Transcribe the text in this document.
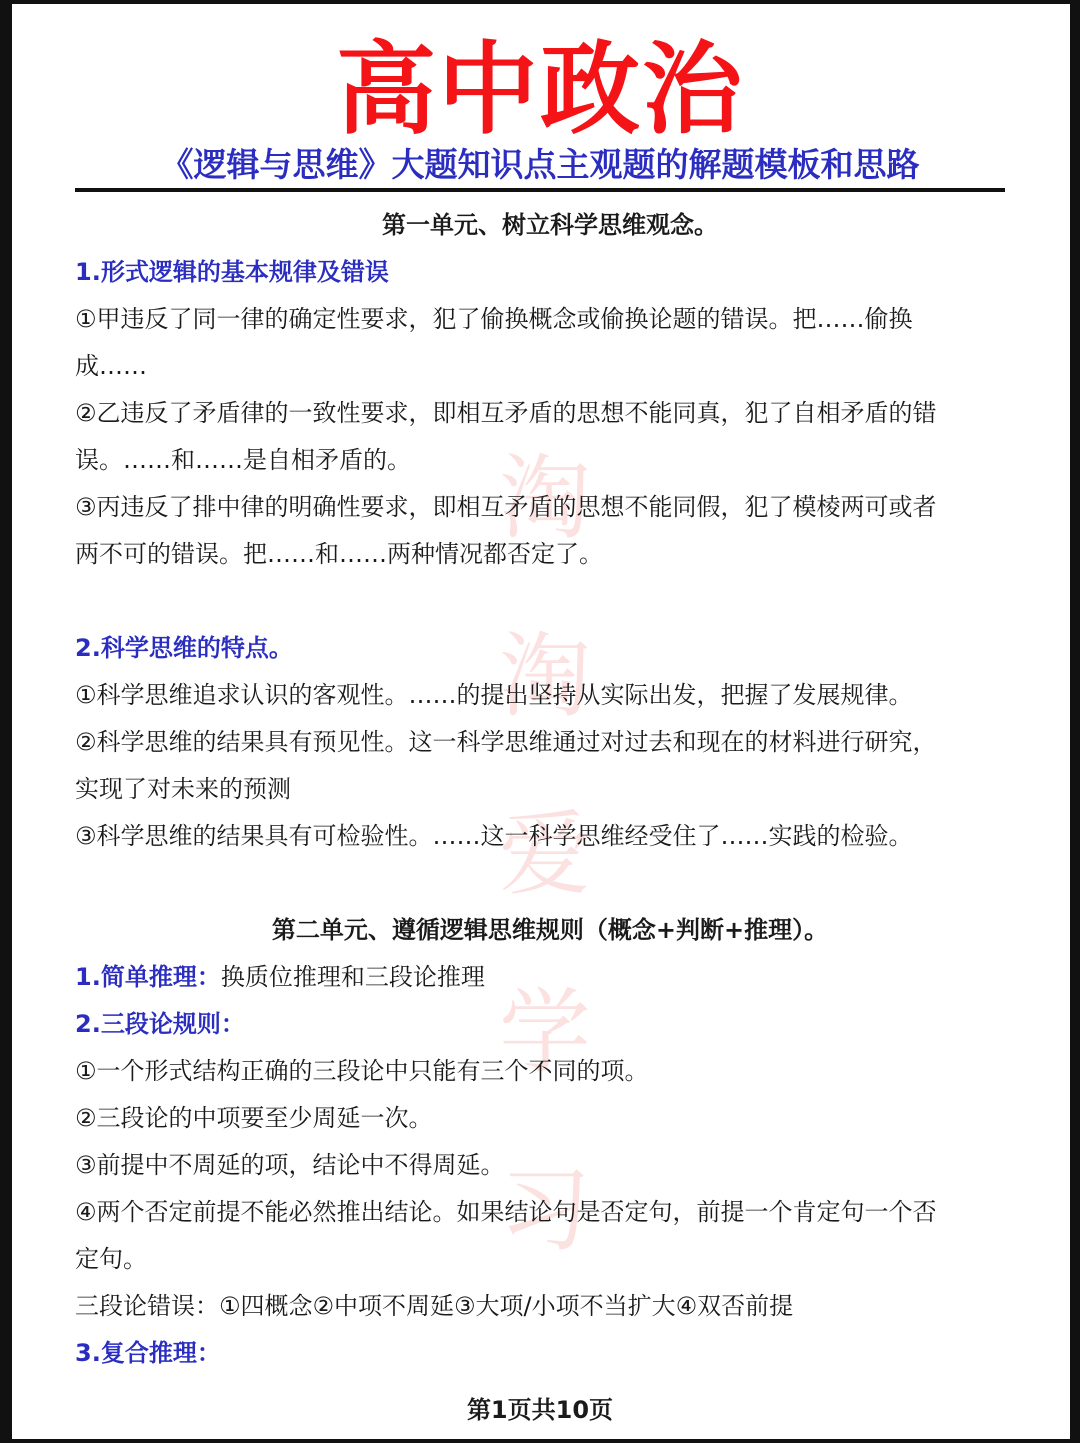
淘
淘
爱
学
习
高中政治
《逻辑与思维》大题知识点主观题的解题模板和思路
第一单元、树立科学思维观念。
1.形式逻辑的基本规律及错误
①甲违反了同一律的确定性要求，犯了偷换概念或偷换论题的错误。把……偷换
成……
②乙违反了矛盾律的一致性要求，即相互矛盾的思想不能同真，犯了自相矛盾的错
误。……和……是自相矛盾的。
③丙违反了排中律的明确性要求，即相互矛盾的思想不能同假，犯了模棱两可或者
两不可的错误。把……和……两种情况都否定了。
2.科学思维的特点。
①科学思维追求认识的客观性。……的提出坚持从实际出发，把握了发展规律。
②科学思维的结果具有预见性。这一科学思维通过对过去和现在的材料进行研究，
实现了对未来的预测
③科学思维的结果具有可检验性。……这一科学思维经受住了……实践的检验。
第二单元、遵循逻辑思维规则（概念+判断+推理）。
1.简单推理：换质位推理和三段论推理
2.三段论规则：
①一个形式结构正确的三段论中只能有三个不同的项。
②三段论的中项要至少周延一次。
③前提中不周延的项，结论中不得周延。
④两个否定前提不能必然推出结论。如果结论句是否定句，前提一个肯定句一个否
定句。
三段论错误：①四概念②中项不周延③大项/小项不当扩大④双否前提
3.复合推理：
第1页共10页
